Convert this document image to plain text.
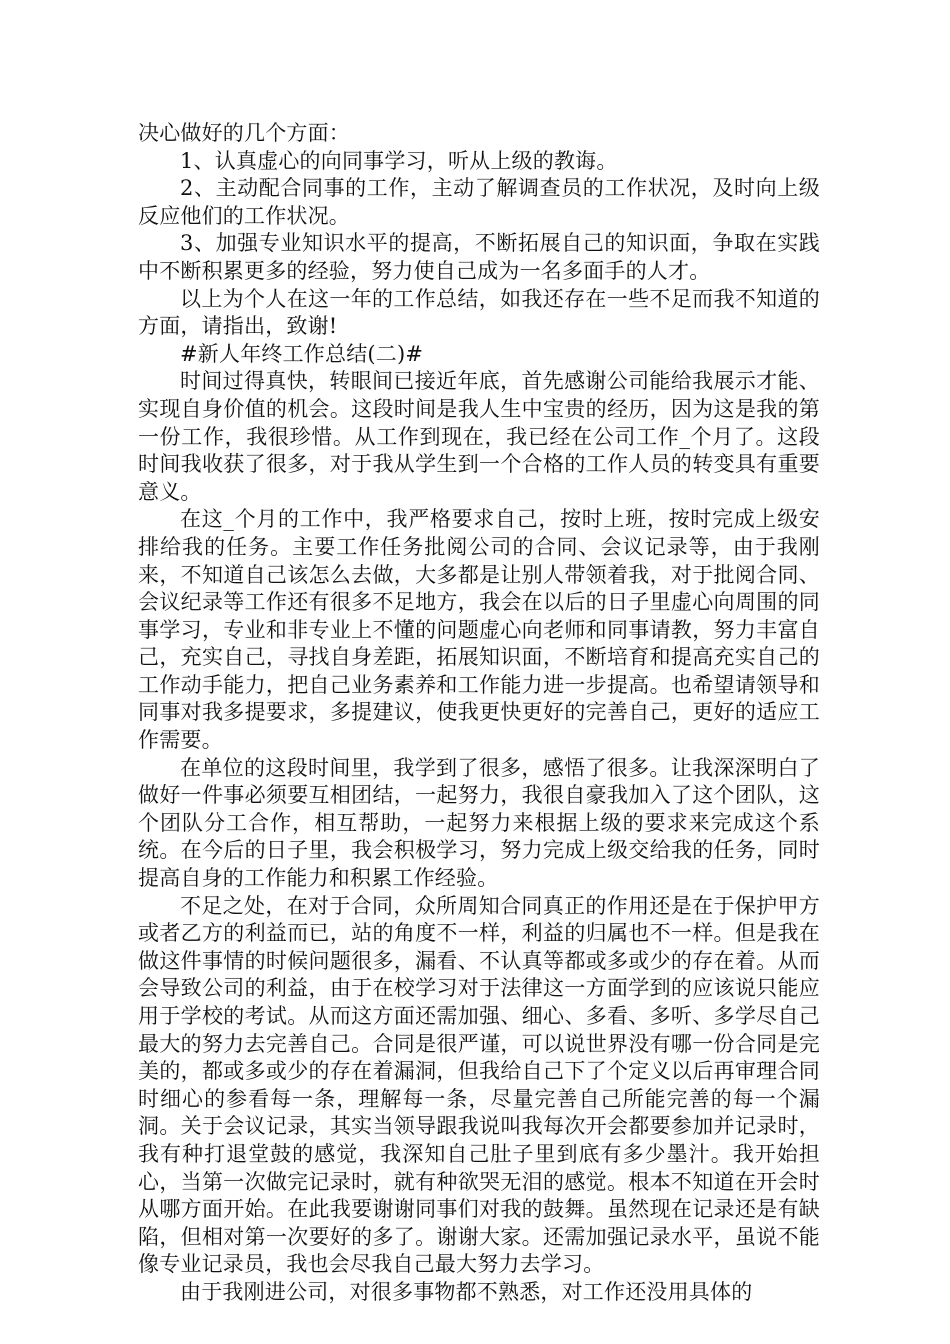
决心做好的几个方面：

1、认真虚心的向同事学习，听从上级的教诲。

2、主动配合同事的工作，主动了解调查员的工作状况，及时向上级反应他们的工作状况。

3、加强专业知识水平的提高，不断拓展自己的知识面，争取在实践中不断积累更多的经验，努力使自己成为一名多面手的人才。

以上为个人在这一年的工作总结，如我还存在一些不足而我不知道的方面，请指出，致谢!

#新人年终工作总结(二)#

时间过得真快，转眼间已接近年底，首先感谢公司能给我展示才能、实现自身价值的机会。这段时间是我人生中宝贵的经历，因为这是我的第一份工作，我很珍惜。从工作到现在，我已经在公司工作_个月了。这段时间我收获了很多，对于我从学生到一个合格的工作人员的转变具有重要意义。

在这_个月的工作中，我严格要求自己，按时上班，按时完成上级安排给我的任务。主要工作任务批阅公司的合同、会议记录等，由于我刚来，不知道自己该怎么去做，大多都是让别人带领着我，对于批阅合同、会议纪录等工作还有很多不足地方，我会在以后的日子里虚心向周围的同事学习，专业和非专业上不懂的问题虚心向老师和同事请教，努力丰富自己，充实自己，寻找自身差距，拓展知识面，不断培育和提高充实自己的工作动手能力，把自己业务素养和工作能力进一步提高。也希望请领导和同事对我多提要求，多提建议，使我更快更好的完善自己，更好的适应工作需要。

在单位的这段时间里，我学到了很多，感悟了很多。让我深深明白了做好一件事必须要互相团结，一起努力，我很自豪我加入了这个团队，这个团队分工合作，相互帮助，一起努力来根据上级的要求来完成这个系统。在今后的日子里，我会积极学习，努力完成上级交给我的任务，同时提高自身的工作能力和积累工作经验。

不足之处，在对于合同，众所周知合同真正的作用还是在于保护甲方或者乙方的利益而已，站的角度不一样，利益的归属也不一样。但是我在做这件事情的时候问题很多，漏看、不认真等都或多或少的存在着。从而会导致公司的利益，由于在校学习对于法律这一方面学到的应该说只能应用于学校的考试。从而这方面还需加强、细心、多看、多听、多学尽自己最大的努力去完善自己。合同是很严谨，可以说世界没有哪一份合同是完美的，都或多或少的存在着漏洞，但我给自己下了个定义以后再审理合同时细心的参看每一条，理解每一条，尽量完善自己所能完善的每一个漏洞。关于会议记录，其实当领导跟我说叫我每次开会都要参加并记录时，我有种打退堂鼓的感觉，我深知自己肚子里到底有多少墨汁。我开始担心，当第一次做完记录时，就有种欲哭无泪的感觉。根本不知道在开会时从哪方面开始。在此我要谢谢同事们对我的鼓舞。虽然现在记录还是有缺陷，但相对第一次要好的多了。谢谢大家。还需加强记录水平，虽说不能像专业记录员，我也会尽我自己最大努力去学习。

由于我刚进公司，对很多事物都不熟悉，对工作还没用具体的
